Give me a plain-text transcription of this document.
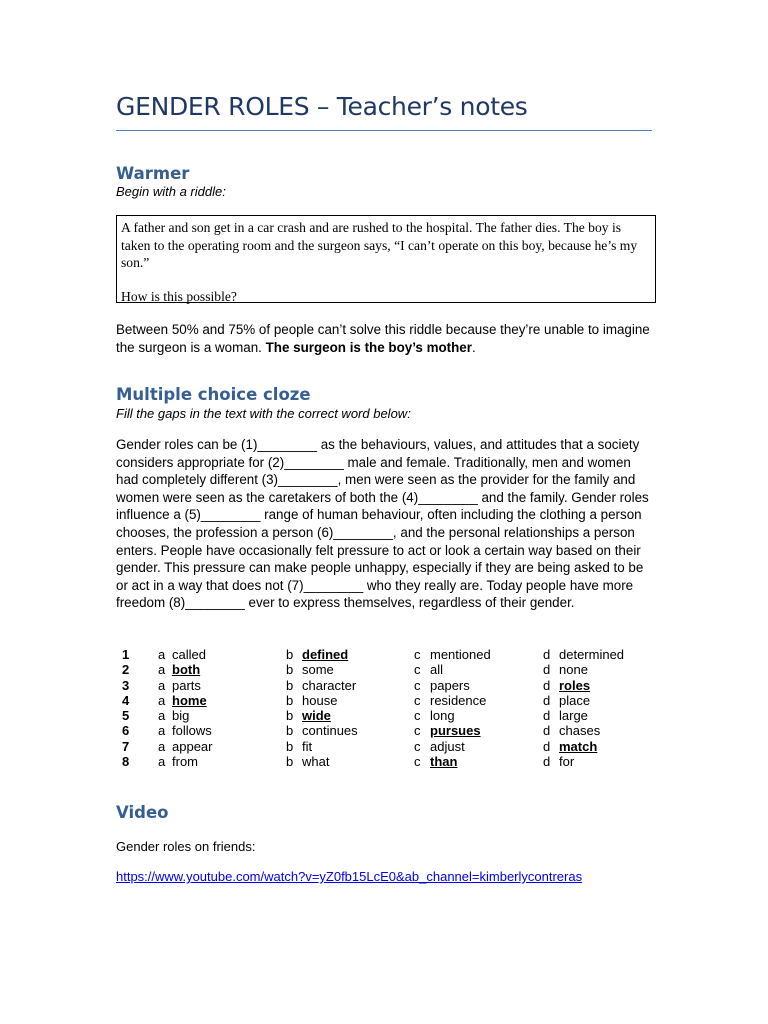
GENDER ROLES – Teacher’s notes
Warmer
Begin with a riddle:

A father and son get in a car crash and are rushed to the hospital. The father dies. The boy is taken to the operating room and the surgeon says, “I can’t operate on this boy, because he’s my son.”

How is this possible?

Between 50% and 75% of people can’t solve this riddle because they’re unable to imagine the surgeon is a woman. The surgeon is the boy’s mother.
Multiple choice cloze
Fill the gaps in the text with the correct word below:
Gender roles can be (1)________ as the behaviours, values, and attitudes that a society considers appropriate for (2)________ male and female. Traditionally, men and women had completely different (3)________, men were seen as the provider for the family and women were seen as the caretakers of both the (4)________ and the family. Gender roles influence a (5)________ range of human behaviour, often including the clothing a person chooses, the profession a person (6)________, and the personal relationships a person enters. People have occasionally felt pressure to act or look a certain way based on their gender. This pressure can make people unhappy, especially if they are being asked to be or act in a way that does not (7)________ who they really are. Today people have more freedom (8)________ ever to express themselves, regardless of their gender.
1 a called	b defined	c mentioned	d determined
2 a both	b some	c all	d none
3 a parts	b character	c papers	d roles
4 a home	b house	c residence	d place
5 a big	b wide	c long	d large
6 a follows	b continues	c pursues	d chases
7 a appear	b fit	c adjust	d match
8 a from	b what	c than	d for
Video
Gender roles on friends:
https://www.youtube.com/watch?v=yZ0fb15LcE0&ab_channel=kimberlycontreras
